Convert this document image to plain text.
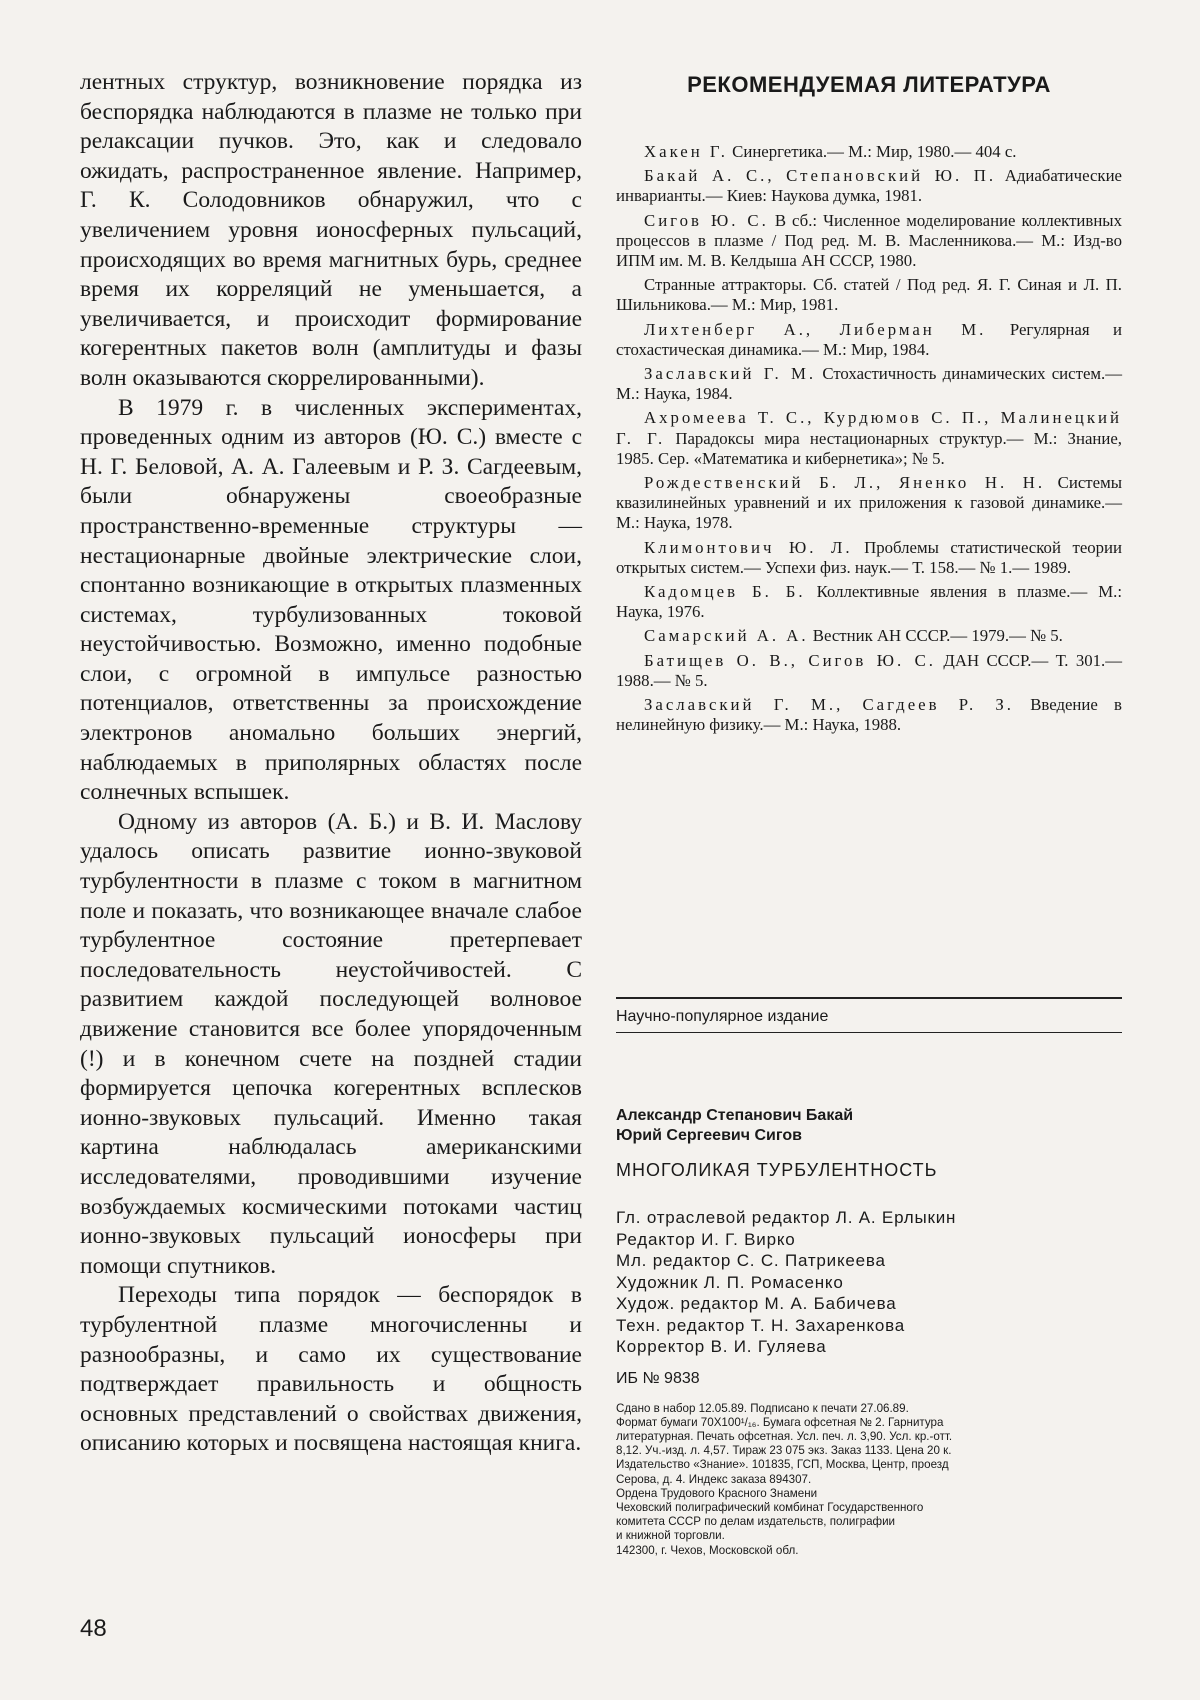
лентных структур, возникновение порядка из беспорядка наблюдаются в плазме не только при релаксации пучков. Это, как и следовало ожидать, распространенное явление. Например, Г. К. Солодовников обнаружил, что с увеличением уровня ионосферных пульсаций, происходящих во время магнитных бурь, среднее время их корреляций не уменьшается, а увеличивается, и происходит формирование когерентных пакетов волн (амплитуды и фазы волн оказываются скоррелированными).

В 1979 г. в численных экспериментах, проведенных одним из авторов (Ю. С.) вместе с Н. Г. Беловой, А. А. Галеевым и Р. З. Сагдеевым, были обнаружены своеобразные пространственно-временные структуры — нестационарные двойные электрические слои, спонтанно возникающие в открытых плазменных системах, турбулизованных токовой неустойчивостью. Возможно, именно подобные слои, с огромной в импульсе разностью потенциалов, ответственны за происхождение электронов аномально больших энергий, наблюдаемых в приполярных областях после солнечных вспышек.

Одному из авторов (А. Б.) и В. И. Маслову удалось описать развитие ионно-звуковой турбулентности в плазме с током в магнитном поле и показать, что возникающее вначале слабое турбулентное состояние претерпевает последовательность неустойчивостей. С развитием каждой последующей волновое движение становится все более упорядоченным (!) и в конечном счете на поздней стадии формируется цепочка когерентных всплесков ионно-звуковых пульсаций. Именно такая картина наблюдалась американскими исследователями, проводившими изучение возбуждаемых космическими потоками частиц ионно-звуковых пульсаций ионосферы при помощи спутников.

Переходы типа порядок — беспорядок в турбулентной плазме многочисленны и разнообразны, и само их существование подтверждает правильность и общность основных представлений о свойствах движения, описанию которых и посвящена настоящая книга.

РЕКОМЕНДУЕМАЯ ЛИТЕРАТУРА

Хакен Г. Синергетика.— М.: Мир, 1980.— 404 с.

Бакай А. С., Степановский Ю. П. Адиабатические инварианты.— Киев: Наукова думка, 1981.

Сигов Ю. С. В сб.: Численное моделирование коллективных процессов в плазме / Под ред. М. В. Масленникова.— М.: Изд-во ИПМ им. М. В. Келдыша АН СССР, 1980.

Странные аттракторы. Сб. статей / Под ред. Я. Г. Синая и Л. П. Шильникова.— М.: Мир, 1981.

Лихтенберг А., Либерман М. Регулярная и стохастическая динамика.— М.: Мир, 1984.

Заславский Г. М. Стохастичность динамических систем.— М.: Наука, 1984.

Ахромеева Т. С., Курдюмов С. П., Малинецкий Г. Г. Парадоксы мира нестационарных структур.— М.: Знание, 1985. Сер. «Математика и кибернетика»; № 5.

Рождественский Б. Л., Яненко Н. Н. Системы квазилинейных уравнений и их приложения к газовой динамике.— М.: Наука, 1978.

Климонтович Ю. Л. Проблемы статистической теории открытых систем.— Успехи физ. наук.— Т. 158.— № 1.— 1989.

Кадомцев Б. Б. Коллективные явления в плазме.— М.: Наука, 1976.

Самарский А. А. Вестник АН СССР.— 1979.— № 5.

Батищев О. В., Сигов Ю. С. ДАН СССР.— Т. 301.— 1988.— № 5.

Заславский Г. М., Сагдеев Р. З. Введение в нелинейную физику.— М.: Наука, 1988.

Научно-популярное издание
Александр Степанович Бакай
Юрий Сергеевич Сигов
МНОГОЛИКАЯ ТУРБУЛЕНТНОСТЬ
Гл. отраслевой редактор Л. А. Ерлыкин
Редактор И. Г. Вирко
Мл. редактор С. С. Патрикеева
Художник Л. П. Ромасенко
Худож. редактор М. А. Бабичева
Техн. редактор Т. Н. Захаренкова
Корректор В. И. Гуляева
ИБ № 9838
Сдано в набор 12.05.89. Подписано к печати 27.06.89.
Формат бумаги 70Х100¹/₁₆. Бумага офсетная № 2. Гарнитура
литературная. Печать офсетная. Усл. печ. л. 3,90. Усл. кр.-отт.
8,12. Уч.-изд. л. 4,57. Тираж 23 075 экз. Заказ 1133. Цена 20 к.
Издательство «Знание». 101835, ГСП, Москва, Центр, проезд
Серова, д. 4. Индекс заказа 894307.
Ордена Трудового Красного Знамени
Чеховский полиграфический комбинат Государственного
комитета СССР по делам издательств, полиграфии
и книжной торговли.
142300, г. Чехов, Московской обл.
48
